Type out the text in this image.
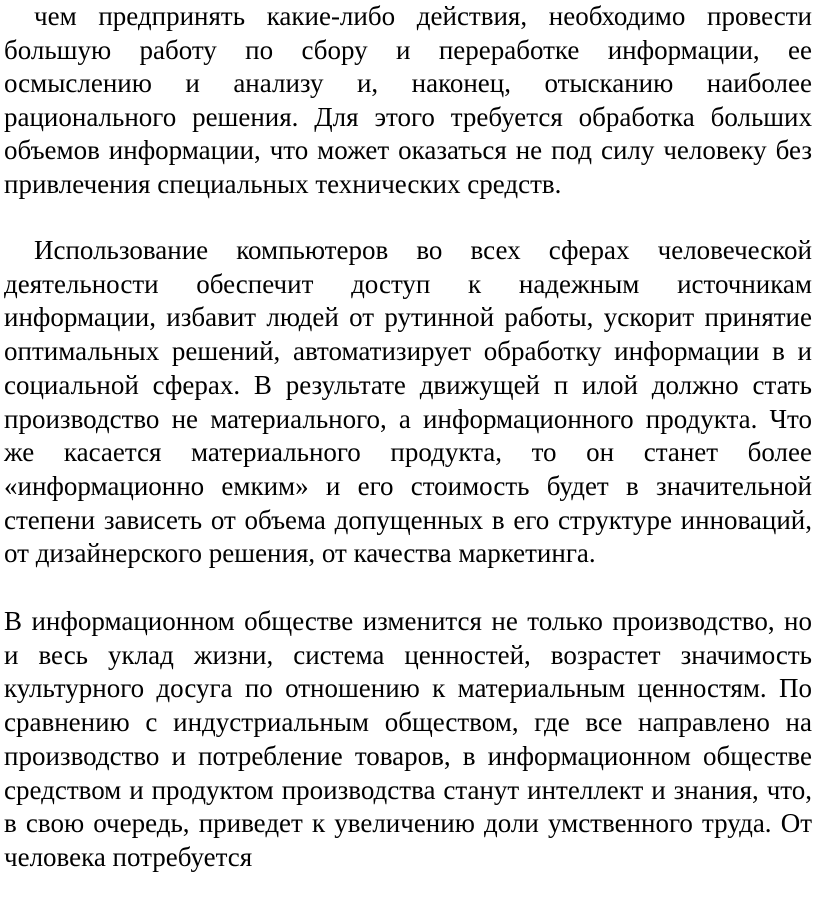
чем предпринять какие-либо действия, необходимо провести большую работу по сбору и переработке информации, ее осмыслению и анализу и, наконец, отысканию наиболее рационального решения. Для этого требуется обработка больших объемов информации, что может оказаться не под силу человеку без привлечения специальных технических средств.

Использование компьютеров во всех сферах человеческой деятельности обеспечит доступ к надежным источникам информации, избавит людей от рутинной работы, ускорит принятие оптимальных решений, автоматизирует обработку информации в и социальной сферах. В результате движущей ᴨ илой должно стать производство не материального, а информационного продукта. Что же касается материального продукта, то он станет более «информационно емким» и его стоимость будет в значительной степени зависеть от объема допущенных в его структуре инноваций, от дизайнерского решения, от качества маркетинга.

В информационном обществе изменится не только производство, но и весь уклад жизни, система ценностей, возрастет значимость культурного досуга по отношению к материальным ценностям. По сравнению с индустриальным обществом, где все направлено на производство и потребление товаров, в информационном обществе средством и продуктом производства станут интеллект и знания, что, в свою очередь, приведет к увеличению доли умственного труда. От человека потребуется
